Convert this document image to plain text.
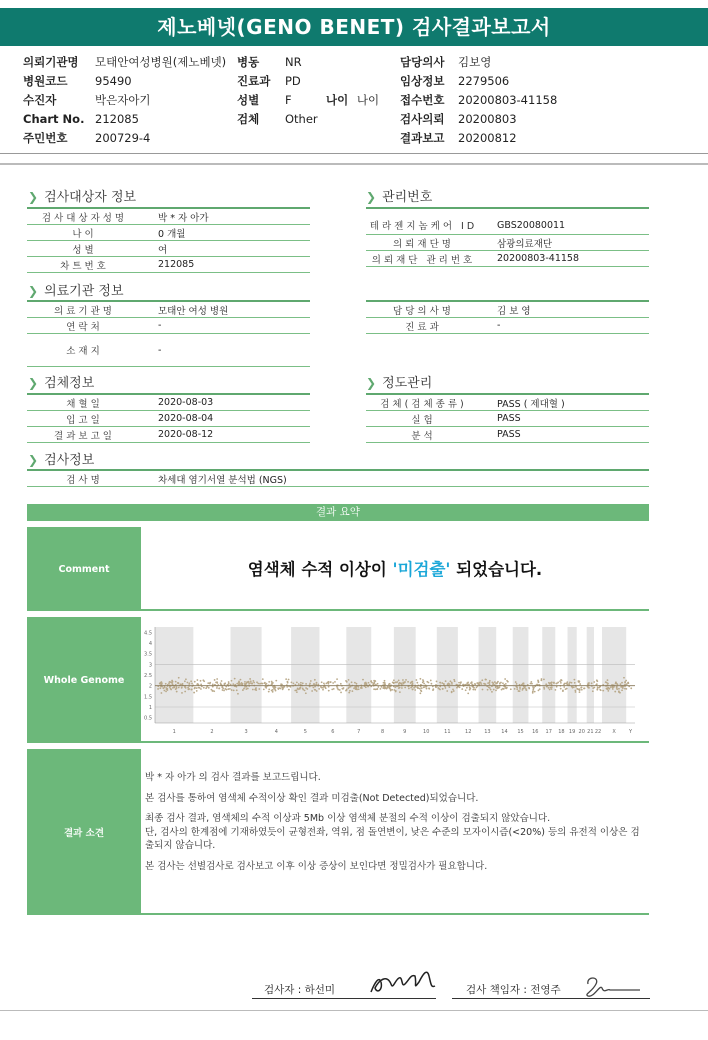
제노베넷(GENO BENET) 검사결과보고서
의뢰기관명 모태안여성병원(제노베넷)
병원코드 95490
수진자	박은자아기
Chart No. 212085
주민번호 200729-4
병동 NR
진료과 PD
성별 F
검체 Other
나이 나이
담당의사 김보영
임상정보 2279506
접수번호 20200803-41158
검사의뢰 20200803
결과보고 20200812
❯ 검사대상자 정보
검사대상자성명	박 * 자 아가
나이	0 개월
성별	여
차트번호	212085
❯ 관리번호
테라젠지놈케어 ID	GBS20080011
의뢰재단명	삼광의료재단
의뢰재단 관리번호	20200803-41158
❯ 의료기관 정보
의료기관명	모태안 여성 병원
연락처	-
소재지	-
담당의사명	김 보 영
진료과	-
❯ 검체정보
채혈일	2020-08-03
입고일	2020-08-04
결과보고일	2020-08-12
❯ 정도관리
검체(검체종류)	PASS ( 제대혈 )
실험	PASS
분석	PASS
❯ 검사정보
검사명	차세대 염기서열 분석법 (NGS)
결과 요약
Comment	염색체 수적 이상이 '미검출' 되었습니다.
Whole Genome
4.5
4
3.5
3
2.5
2
1.5
1
0.5
1	2	3	4	5	6	7	8	9	10	11	12	13 14 15 16 17 18 19 20 21 22 X	Y
결과 소견

박 * 자 아가 의 검사 결과를 보고드립니다.

본 검사를 통하여 염색체 수적이상 확인 결과 미검출(Not Detected)되었습니다.

최종 검사 결과, 염색체의 수적 이상과 5Mb 이상 염색체 분절의 수적 이상이 검출되지 않았습니다.
단, 검사의 한계점에 기재하였듯이 균형전좌, 역위, 점 돌연변이, 낮은 수준의 모자이시즘(<20%) 등의 유전적 이상은 검출되지 않습니다.

본 검사는 선별검사로 검사보고 이후 이상 증상이 보인다면 정밀검사가 필요합니다.

검사자 : 하선미	검사 책임자 : 전영주
